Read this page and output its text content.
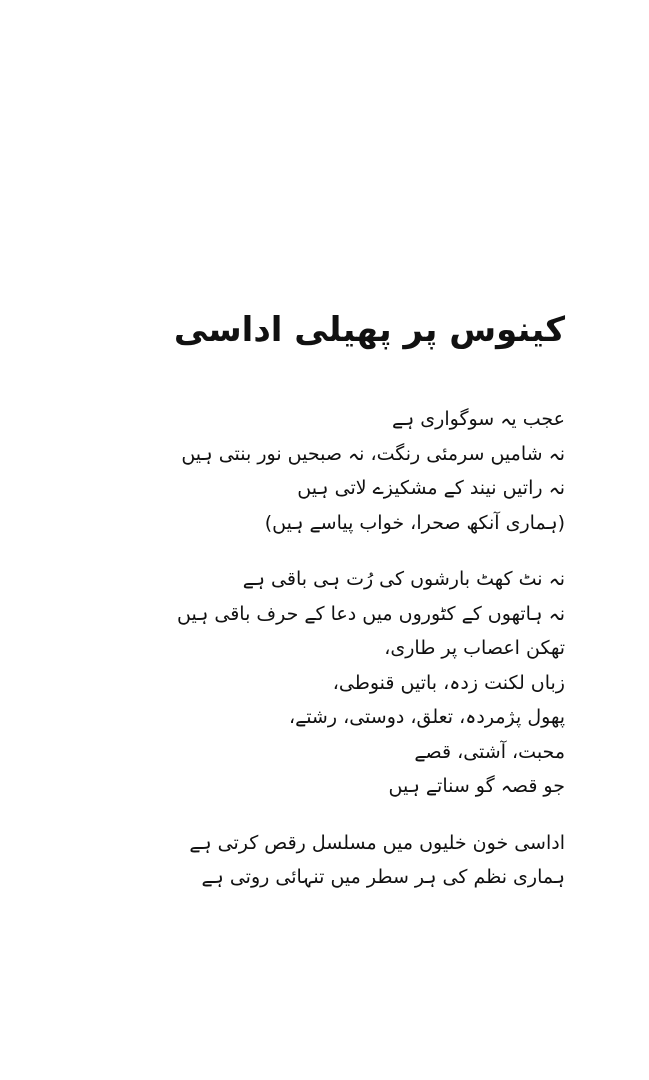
کینوس پر پھیلی اداسی
عجب یہ سوگواری ہے
نہ شامیں سرمئی رنگت، نہ صبحیں نور بنتی ہیں
نہ راتیں نیند کے مشکیزے لاتی ہیں
(ہماری آنکھ صحرا، خواب پیاسے ہیں)
نہ نٹ کھٹ بارشوں کی رُت ہی باقی ہے
نہ ہاتھوں کے کٹوروں میں دعا کے حرف باقی ہیں
تھکن اعصاب پر طاری،
زباں لکنت زدہ، باتیں قنوطی،
پھول پژمردہ، تعلق، دوستی، رشتے،
محبت، آشتی، قصے
جو قصہ گو سناتے ہیں
اداسی خون خلیوں میں مسلسل رقص کرتی ہے
ہماری نظم کی ہر سطر میں تنہائی روتی ہے
